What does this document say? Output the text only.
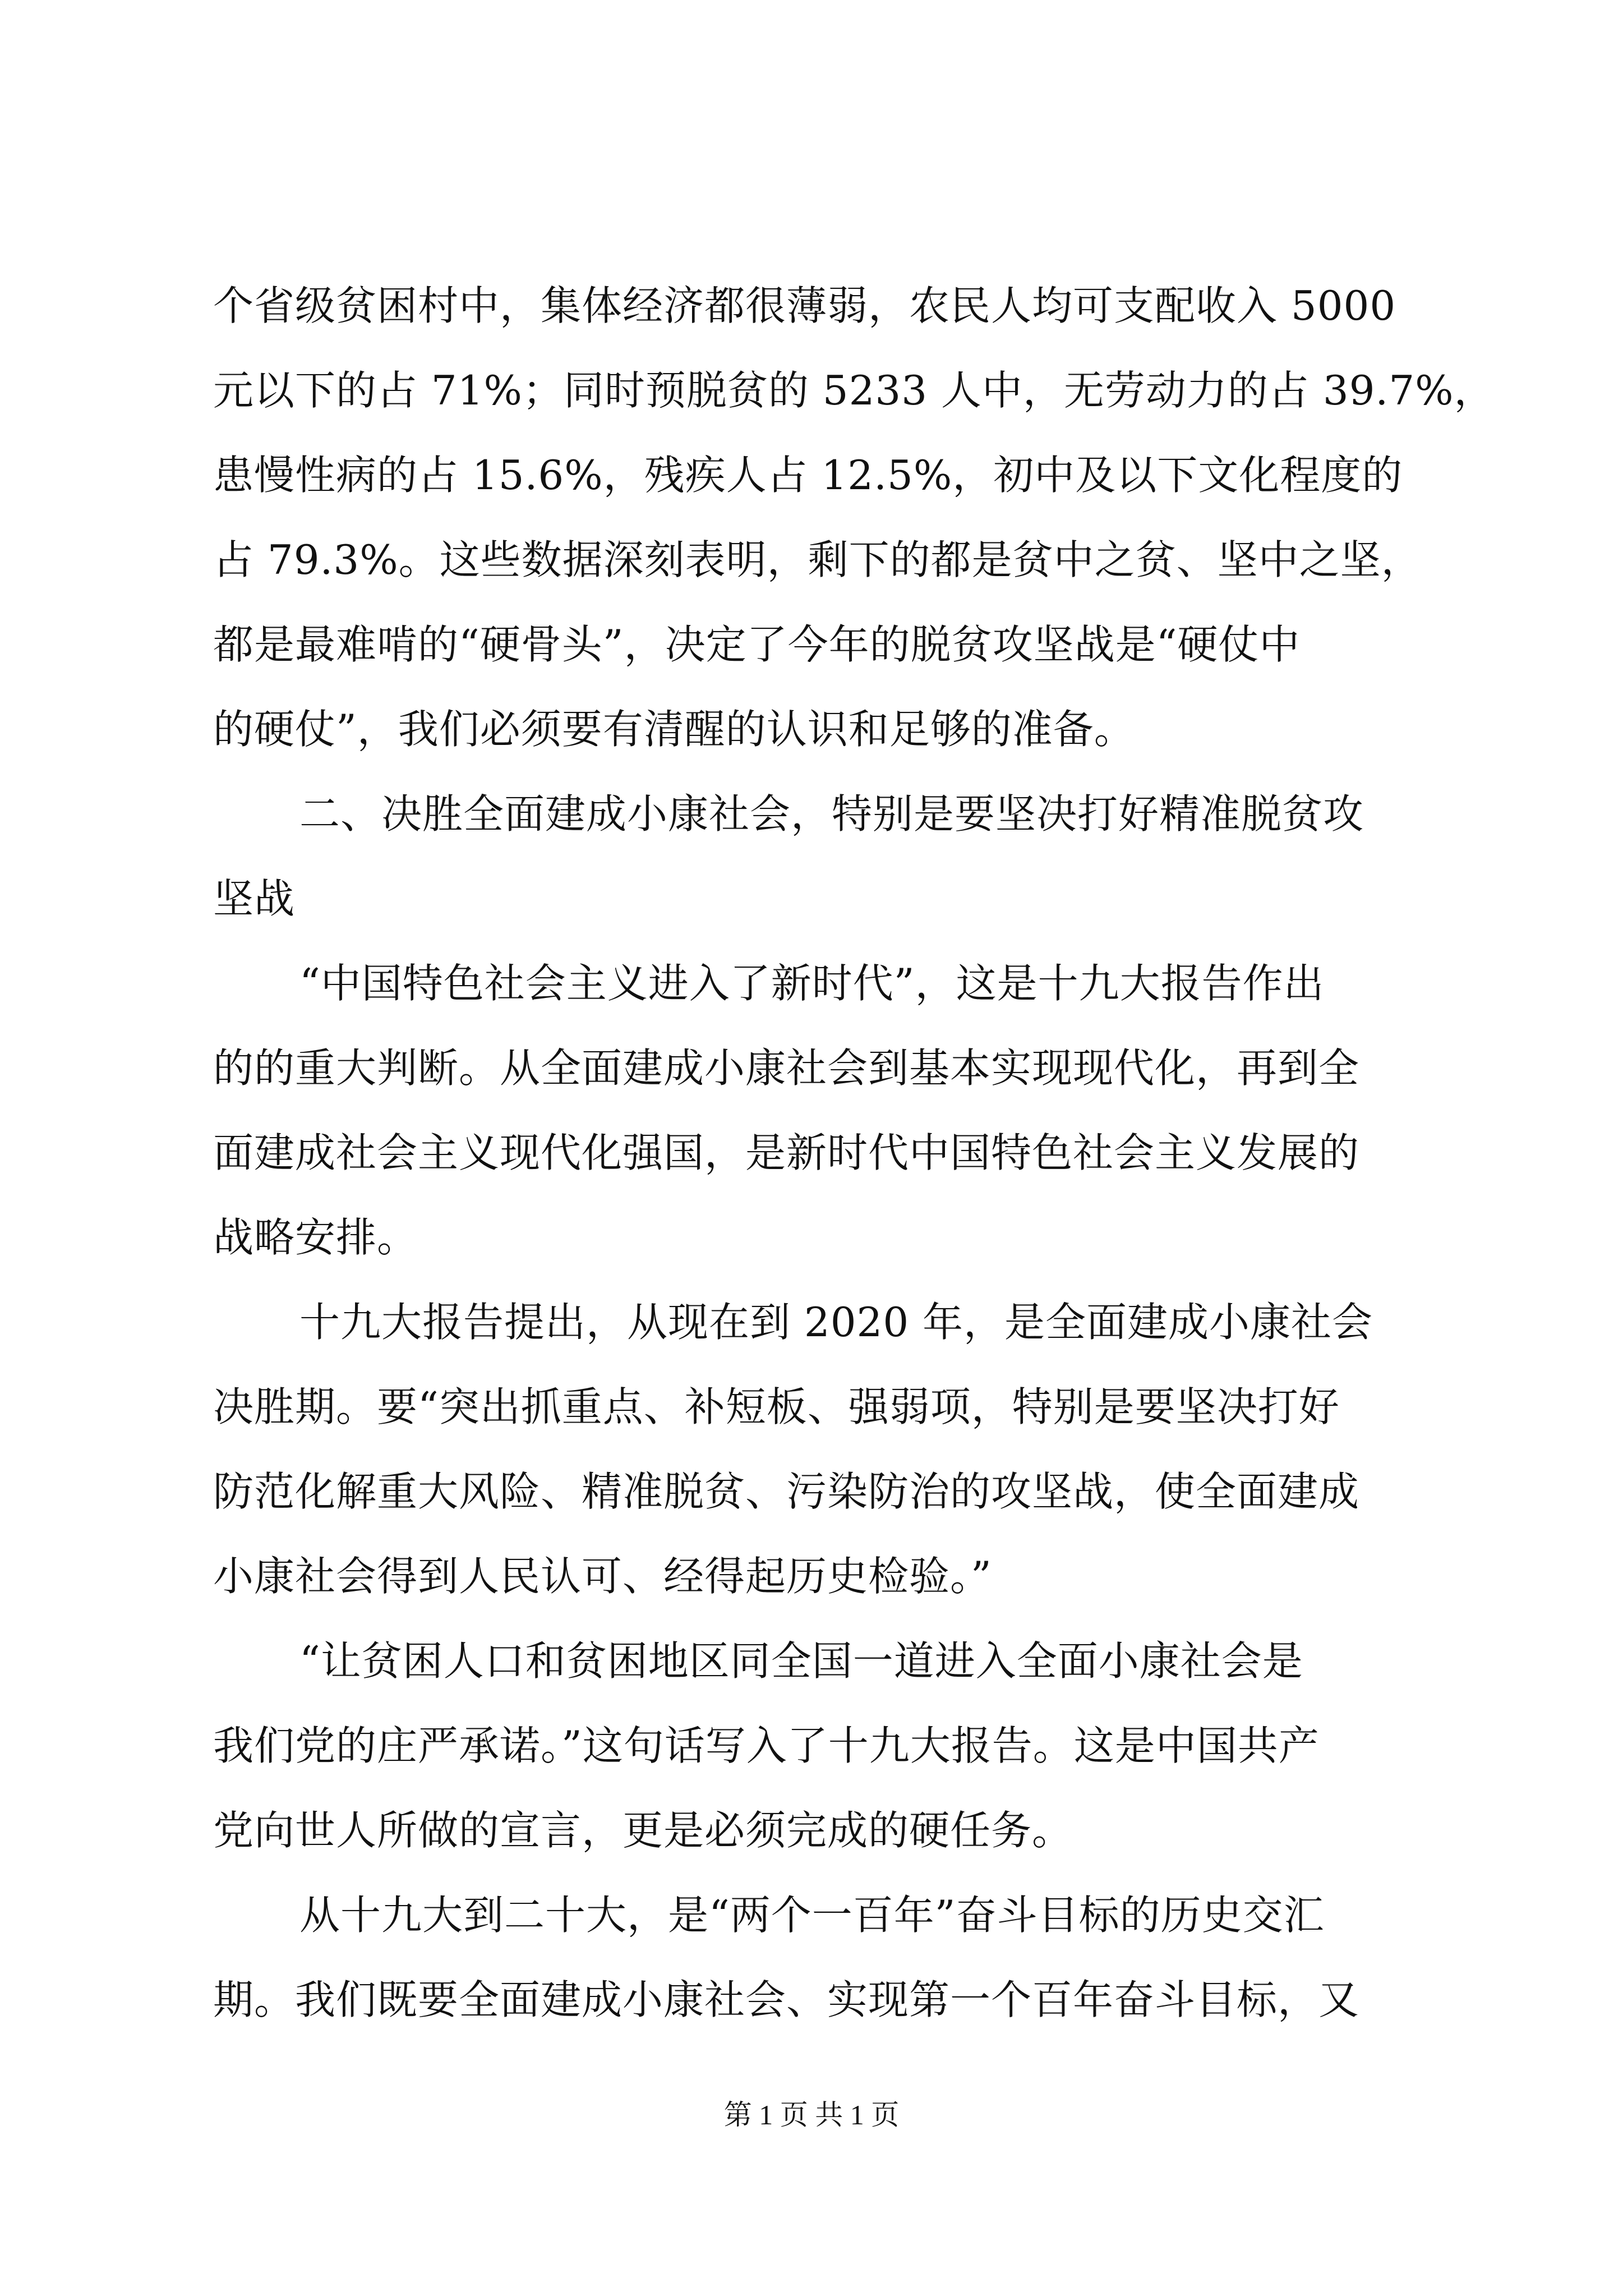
个省级贫困村中，集体经济都很薄弱，农民人均可支配收入 5000
元以下的占 71%；同时预脱贫的 5233 人中，无劳动力的占 39.7%，
患慢性病的占 15.6%，残疾人占 12.5%，初中及以下文化程度的
占 79.3%。这些数据深刻表明，剩下的都是贫中之贫、坚中之坚，
都是最难啃的“硬骨头”，决定了今年的脱贫攻坚战是“硬仗中
的硬仗”，我们必须要有清醒的认识和足够的准备。
二、决胜全面建成小康社会，特别是要坚决打好精准脱贫攻
坚战
“中国特色社会主义进入了新时代”，这是十九大报告作出
的的重大判断。从全面建成小康社会到基本实现现代化，再到全
面建成社会主义现代化强国，是新时代中国特色社会主义发展的
战略安排。
十九大报告提出，从现在到 2020 年，是全面建成小康社会
决胜期。要“突出抓重点、补短板、强弱项，特别是要坚决打好
防范化解重大风险、精准脱贫、污染防治的攻坚战，使全面建成
小康社会得到人民认可、经得起历史检验。”
“让贫困人口和贫困地区同全国一道进入全面小康社会是
我们党的庄严承诺。”这句话写入了十九大报告。这是中国共产
党向世人所做的宣言，更是必须完成的硬任务。
从十九大到二十大，是“两个一百年”奋斗目标的历史交汇
期。我们既要全面建成小康社会、实现第一个百年奋斗目标，又
第 1 页 共 1 页
